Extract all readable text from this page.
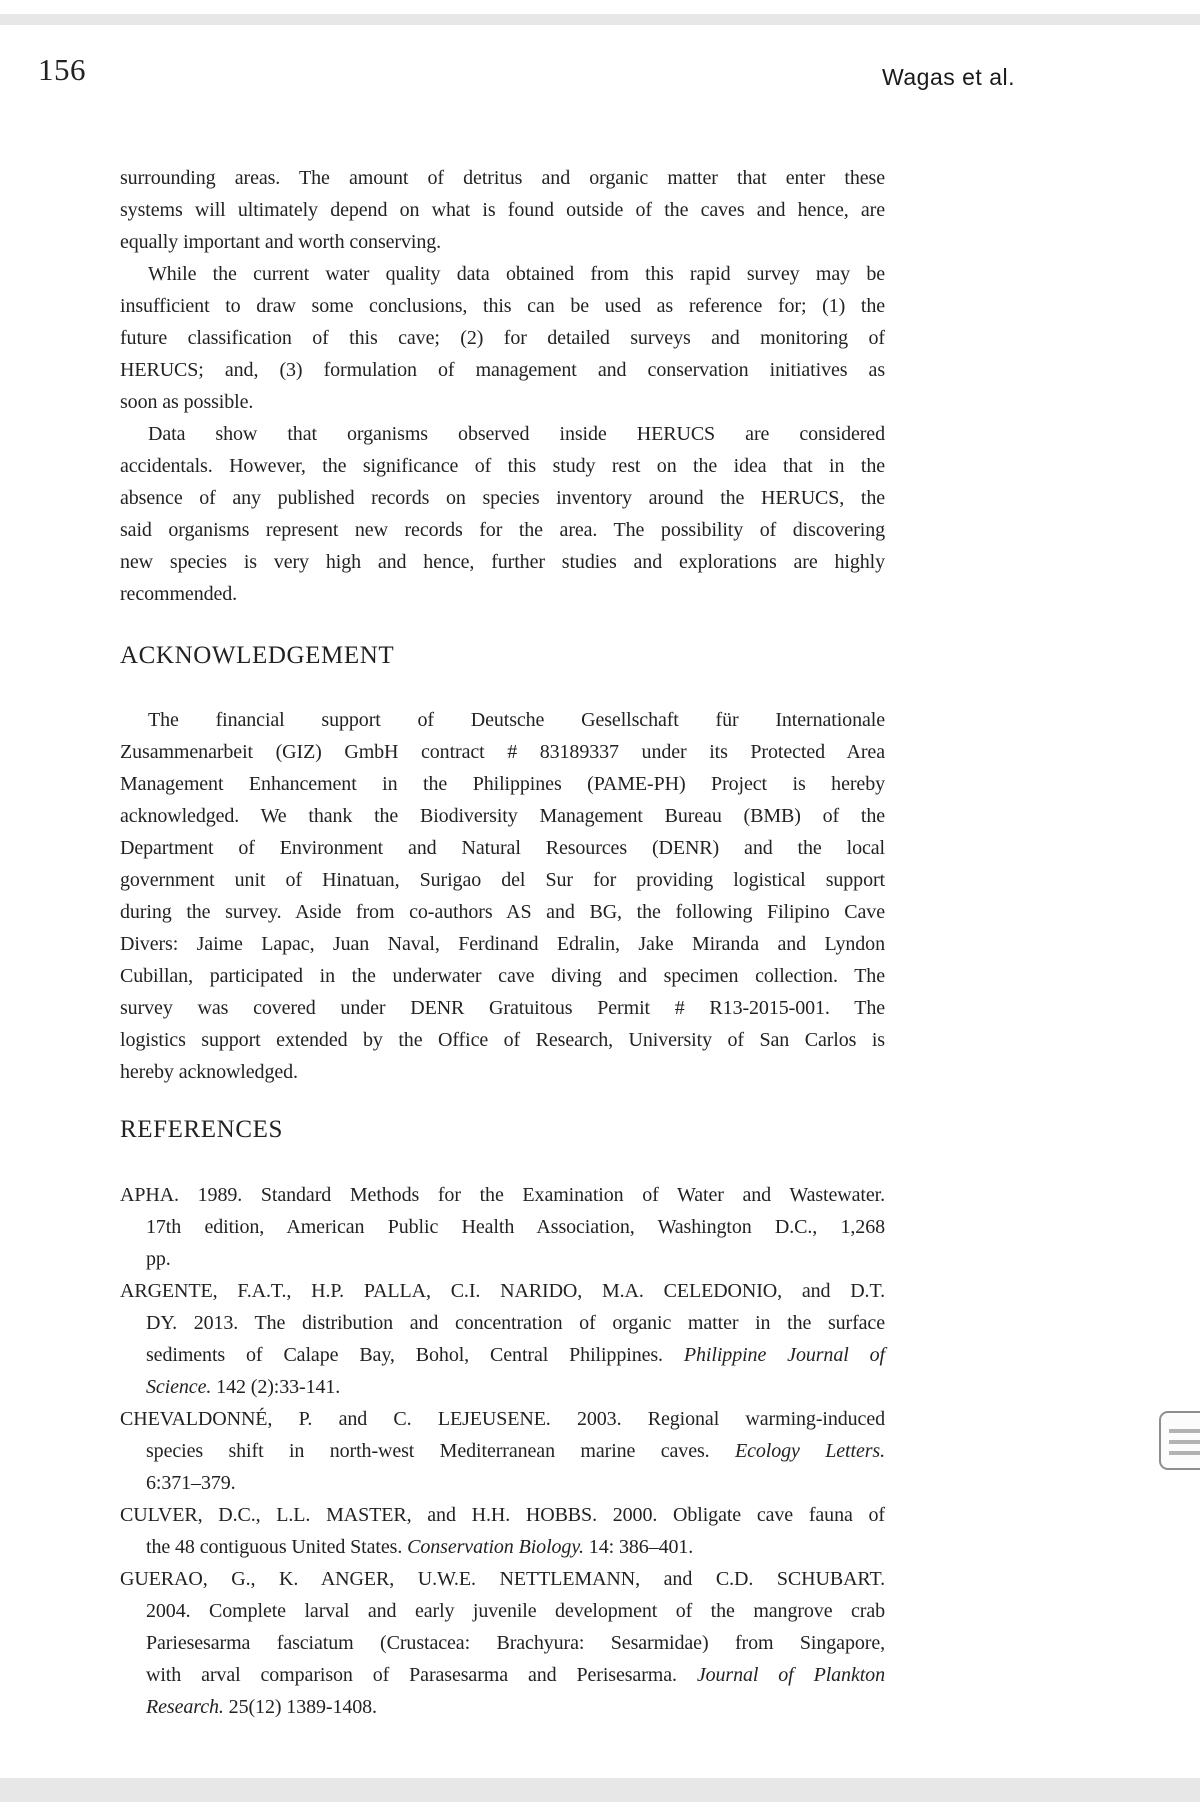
156	Wagas et al.
surrounding areas. The amount of detritus and organic matter that enter these
systems will ultimately depend on what is found outside of the caves and hence, are
equally important and worth conserving.
While the current water quality data obtained from this rapid survey may be
insufficient to draw some conclusions, this can be used as reference for; (1) the
future classification of this cave; (2) for detailed surveys and monitoring of
HERUCS; and, (3) formulation of management and conservation initiatives as
soon as possible.
Data show that organisms observed inside HERUCS are considered
accidentals. However, the significance of this study rest on the idea that in the
absence of any published records on species inventory around the HERUCS, the
said organisms represent new records for the area. The possibility of discovering
new species is very high and hence, further studies and explorations are highly
recommended.
ACKNOWLEDGEMENT
The financial support of Deutsche Gesellschaft für Internationale
Zusammenarbeit (GIZ) GmbH contract # 83189337 under its Protected Area
Management Enhancement in the Philippines (PAME-PH) Project is hereby
acknowledged. We thank the Biodiversity Management Bureau (BMB) of the
Department of Environment and Natural Resources (DENR) and the local
government unit of Hinatuan, Surigao del Sur for providing logistical support
during the survey. Aside from co-authors AS and BG, the following Filipino Cave
Divers: Jaime Lapac, Juan Naval, Ferdinand Edralin, Jake Miranda and Lyndon
Cubillan, participated in the underwater cave diving and specimen collection. The
survey was covered under DENR Gratuitous Permit # R13-2015-001. The
logistics support extended by the Office of Research, University of San Carlos is
hereby acknowledged.
REFERENCES
APHA. 1989. Standard Methods for the Examination of Water and Wastewater.
17th edition, American Public Health Association, Washington D.C., 1,268
pp.
ARGENTE, F.A.T., H.P. PALLA, C.I. NARIDO, M.A. CELEDONIO, and D.T.
DY. 2013. The distribution and concentration of organic matter in the surface
sediments of Calape Bay, Bohol, Central Philippines. Philippine Journal of
Science. 142 (2):33-141.
CHEVALDONNÉ, P. and C. LEJEUSENE. 2003. Regional warming-induced
species shift in north-west Mediterranean marine caves. Ecology Letters.
6:371–379.
CULVER, D.C., L.L. MASTER, and H.H. HOBBS. 2000. Obligate cave fauna of
the 48 contiguous United States. Conservation Biology. 14: 386–401.
GUERAO, G., K. ANGER, U.W.E. NETTLEMANN, and C.D. SCHUBART.
2004. Complete larval and early juvenile development of the mangrove crab
Pariesesarma fasciatum (Crustacea: Brachyura: Sesarmidae) from Singapore,
with arval comparison of Parasesarma and Perisesarma. Journal of Plankton
Research. 25(12) 1389-1408.
